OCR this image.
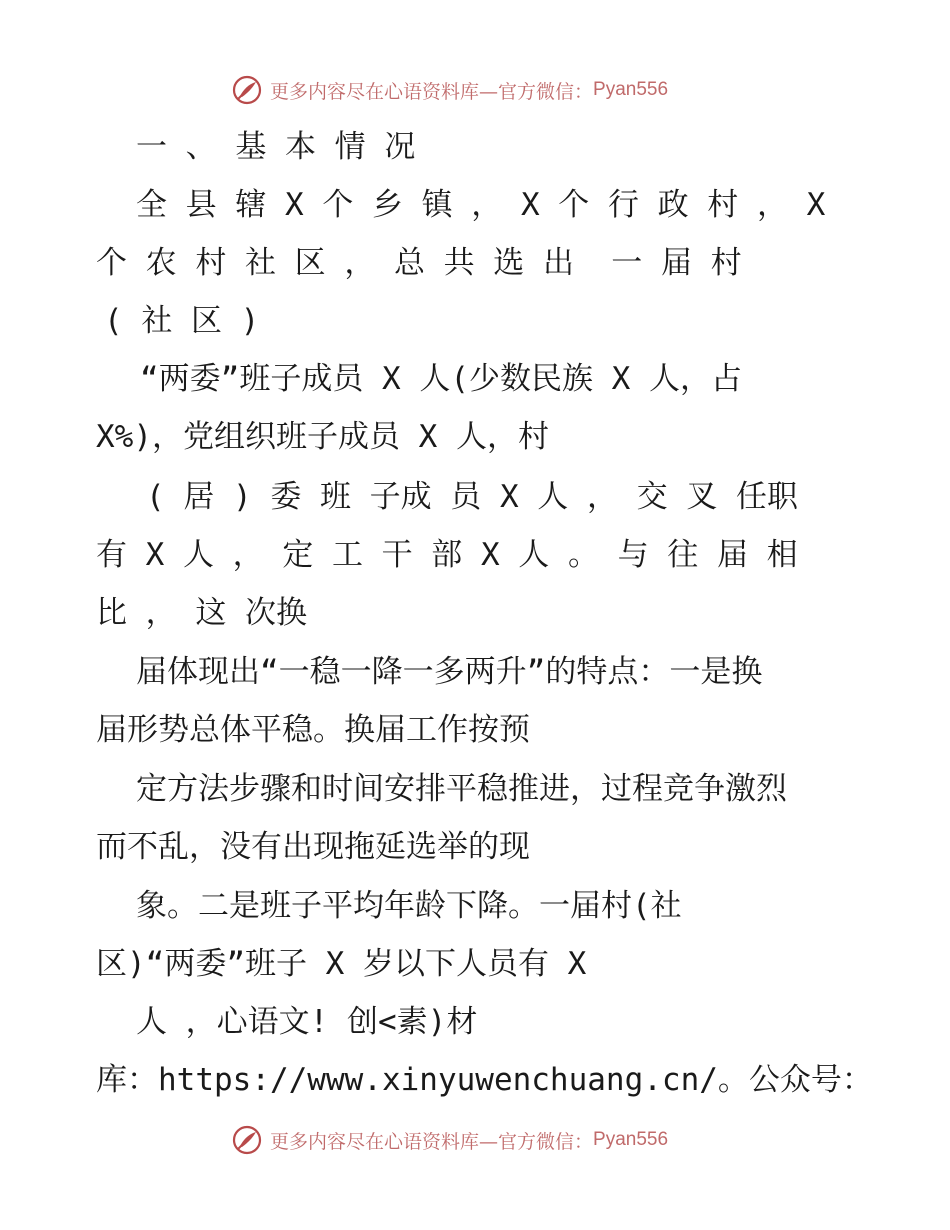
更多内容尽在心语资料库—官方微信： Pyan556
一 、 基 本 情 况
全 县 辖 X 个 乡 镇 ， X 个 行 政 村 ， X
个 农 村 社 区 ， 总 共 选 出  一 届 村
( 社 区 )
“两委”班子成员 X 人(少数民族 X 人，占
X%)，党组织班子成员 X 人，村
( 居 ) 委 班 子成 员 X 人 ， 交 叉 任职
有 X 人 ， 定 工 干 部 X 人 。 与 往 届 相
比 ， 这 次换
届体现出“一稳一降一多两升”的特点：一是换
届形势总体平稳。换届工作按预
定方法步骤和时间安排平稳推进，过程竞争激烈
而不乱，没有出现拖延选举的现
象。二是班子平均年龄下降。一届村(社
区)“两委”班子 X 岁以下人员有 X
人 ，心语文! 创<素)材
库：https://www.xinyuwenchuang.cn/。公众号：
更多内容尽在心语资料库—官方微信： Pyan556
